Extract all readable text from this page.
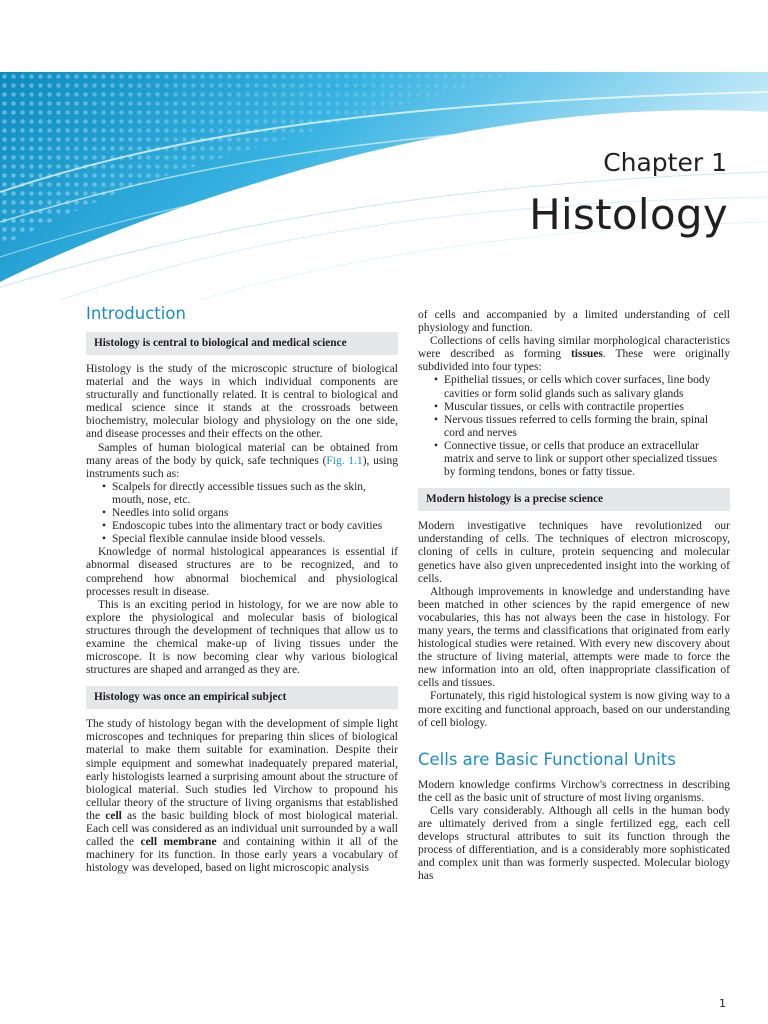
Chapter 1
Histology
Introduction
Histology is central to biological and medical science

Histology is the study of the microscopic structure of biological material and the ways in which individual components are structurally and functionally related. It is central to biological and medical science since it stands at the crossroads between biochemistry, molecular biology and physiology on the one side, and disease processes and their effects on the other.

Samples of human biological material can be obtained from many areas of the body by quick, safe techniques (Fig. 1.1), using instruments such as:

• Scalpels for directly accessible tissues such as the skin, mouth, nose, etc.
• Needles into solid organs
• Endoscopic tubes into the alimentary tract or body cavities
• Special flexible cannulae inside blood vessels.

Knowledge of normal histological appearances is essential if abnormal diseased structures are to be recognized, and to comprehend how abnormal biochemical and physiological processes result in disease.

This is an exciting period in histology, for we are now able to explore the physiological and molecular basis of biological structures through the development of techniques that allow us to examine the chemical make-up of living tissues under the microscope. It is now becoming clear why various biological structures are shaped and arranged as they are.

Histology was once an empirical subject

The study of histology began with the development of simple light microscopes and techniques for preparing thin slices of biological material to make them suitable for examination. Despite their simple equipment and somewhat inadequately prepared material, early histologists learned a surprising amount about the structure of biological material. Such studies led Virchow to propound his cellular theory of the structure of living organisms that established the cell as the basic building block of most biological material. Each cell was considered as an individual unit surrounded by a wall called the cell membrane and containing within it all of the machinery for its function. In those early years a vocabulary of histology was developed, based on light microscopic analysis

of cells and accompanied by a limited understanding of cell physiology and function.

Collections of cells having similar morphological characteristics were described as forming tissues. These were originally subdivided into four types:

• Epithelial tissues, or cells which cover surfaces, line body cavities or form solid glands such as salivary glands
• Muscular tissues, or cells with contractile properties
• Nervous tissues referred to cells forming the brain, spinal cord and nerves
• Connective tissue, or cells that produce an extracellular matrix and serve to link or support other specialized tissues by forming tendons, bones or fatty tissue.
Modern histology is a precise science

Modern investigative techniques have revolutionized our understanding of cells. The techniques of electron microscopy, cloning of cells in culture, protein sequencing and molecular genetics have also given unprecedented insight into the working of cells.

Although improvements in knowledge and understanding have been matched in other sciences by the rapid emergence of new vocabularies, this has not always been the case in histology. For many years, the terms and classifications that originated from early histological studies were retained. With every new discovery about the structure of living material, attempts were made to force the new information into an old, often inappropriate classification of cells and tissues.

Fortunately, this rigid histological system is now giving way to a more exciting and functional approach, based on our understanding of cell biology.

Cells are Basic Functional Units

Modern knowledge confirms Virchow's correctness in describing the cell as the basic unit of structure of most living organisms.

Cells vary considerably. Although all cells in the human body are ultimately derived from a single fertilized egg, each cell develops structural attributes to suit its function through the process of differentiation, and is a considerably more sophisticated and complex unit than was formerly suspected. Molecular biology has

1
